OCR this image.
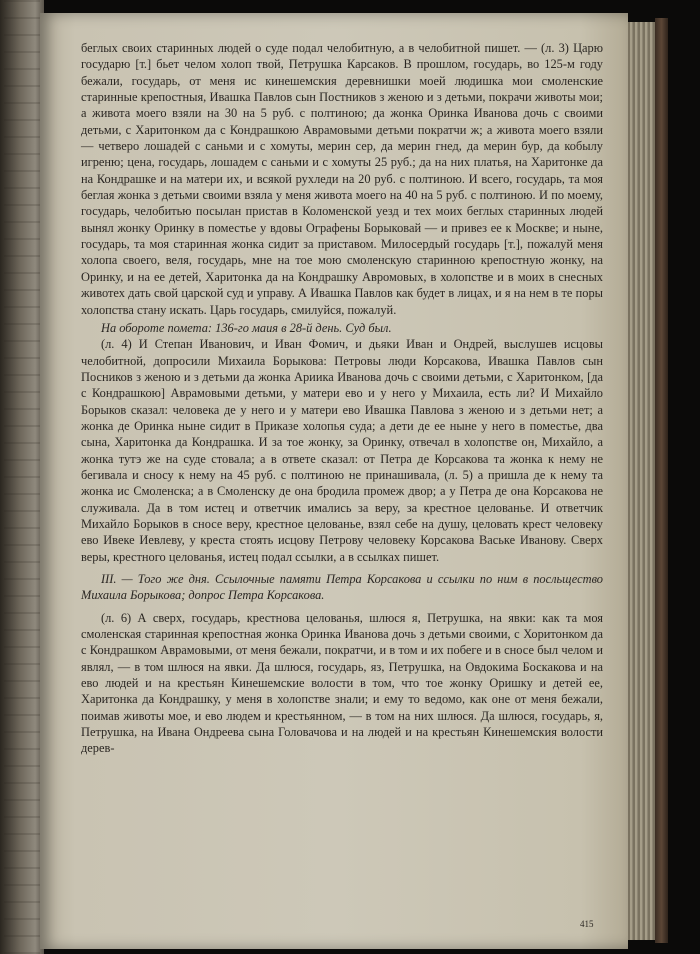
беглых своих старинных людей о суде подал челобитную, а в челобитной пишет. — (л. 3) Царю государю [т.] бьет челом холоп твой, Петрушка Карсаков. В прошлом, государь, во 125-м году бежали, государь, от меня ис кинешемския деревнишки моей людишка мои смоленские старинные крепостныя, Ивашка Павлов сын Постников з женою и з детьми, покрачи животы мои; а живота моего взяли на 30 на 5 руб. с полтиною; да жонка Оринка Иванова дочь с своими детьми, с Харитонком да с Кондрашкою Аврамовыми детьми пократчи ж; а живота моего взяли — четверо лошадей с саньми и с хомуты, мерин сер, да мерин гнед, да мерин бур, да кобылу игреню; цена, государь, лошадем с саньми и с хомуты 25 руб.; да на них платья, на Харитонке да на Кондрашке и на матери их, и всякой рухледи на 20 руб. с полтиною. И всего, государь, та моя беглая жонка з детьми своими взяла у меня живота моего на 40 на 5 руб. с полтиною. И по моему, государь, челобитью посылан пристав в Коломенской уезд и тех моих беглых старинных людей вынял жонку Оринку в поместье у вдовы Ографены Борыковай — и привез ее к Москве; и ныне, государь, та моя старинная жонка сидит за приставом. Милосердый государь [т.], пожалуй меня холопа своего, веля, государь, мне на тое мою смоленскую старинною крепостную жонку, на Оринку, и на ее детей, Харитонка да на Кондрашку Авромовых, в холопстве и в моих в снесных животех дать свой царской суд и управу. А Ивашка Павлов как будет в лицах, и я на нем в те поры холопства стану искать. Царь государь, смилуйся, пожалуй.

На обороте помета: 136-го маия в 28-й день. Суд был.

(л. 4) И Степан Иванович, и Иван Фомич, и дьяки Иван и Ондрей, выслушев исцовы челобитной, допросили Михаила Борыкова: Петровы люди Корсакова, Ивашка Павлов сын Посников з женою и з детьми да жонка Ариика Иванова дочь с своими детьми, с Харитонком, [да с Кондрашкою] Аврамовыми детьми, у матери ево и у него у Михаила, есть ли? И Михайло Борыков сказал: человека де у него и у матери ево Ивашка Павлова з женою и з детьми нет; а жонка де Оринка ныне сидит в Приказе холопья суда; а дети де ее ныне у него в поместье, два сына, Харитонка да Кондрашка. И за тое жонку, за Оринку, отвечал в холопстве он, Михайло, а жонка тутэ же на суде стовала; а в ответе сказал: от Петра де Корсакова та жонка к нему не бегивала и сносу к нему на 45 руб. с полтиною не принашивала, (л. 5) а пришла де к нему та жонка ис Смоленска; а в Смоленску де она бродила промеж двор; а у Петра де она Корсакова не служивала. Да в том истец и ответчик имались за веру, за крестное целованье. И ответчик Михайло Борыков в сносе веру, крестное целованье, взял себе на душу, целовать крест человеку ево Ивеке Иевлеву, у креста стоять исцову Петрову человеку Корсакова Ваське Иванову. Сверх веры, крестного целованья, истец подал ссылки, а в ссылках пишет.

III. — Того же дня. Ссылочные памяти Петра Корсакова и ссылки по ним в посльщество Михаила Борыкова; допрос Петра Корсакова.

(л. 6) А сверх, государь, крестнова целованья, шлюся я, Петрушка, на явки: как та моя смоленская старинная крепостная жонка Оринка Иванова дочь з детьми своими, с Хоритонком да с Кондрашком Аврамовыми, от меня бежали, пократчи, и в том и их побеге и в сносе был челом и являл, — в том шлюся на явки. Да шлюся, государь, яз, Петрушка, на Овдокима Боскакова и на ево людей и на крестьян Кинешемские волости в том, что тое жонку Оришку и детей ее, Харитонка да Кондрашку, у меня в холопстве знали; и ему то ведомо, как оне от меня бежали, поимав животы мое, и ево людем и крестьянном, — в том на них шлюся. Да шлюся, государь, я, Петрушка, на Ивана Ондреева сына Головачова и на людей и на крестьян Кинешемския волости дерев-

415
